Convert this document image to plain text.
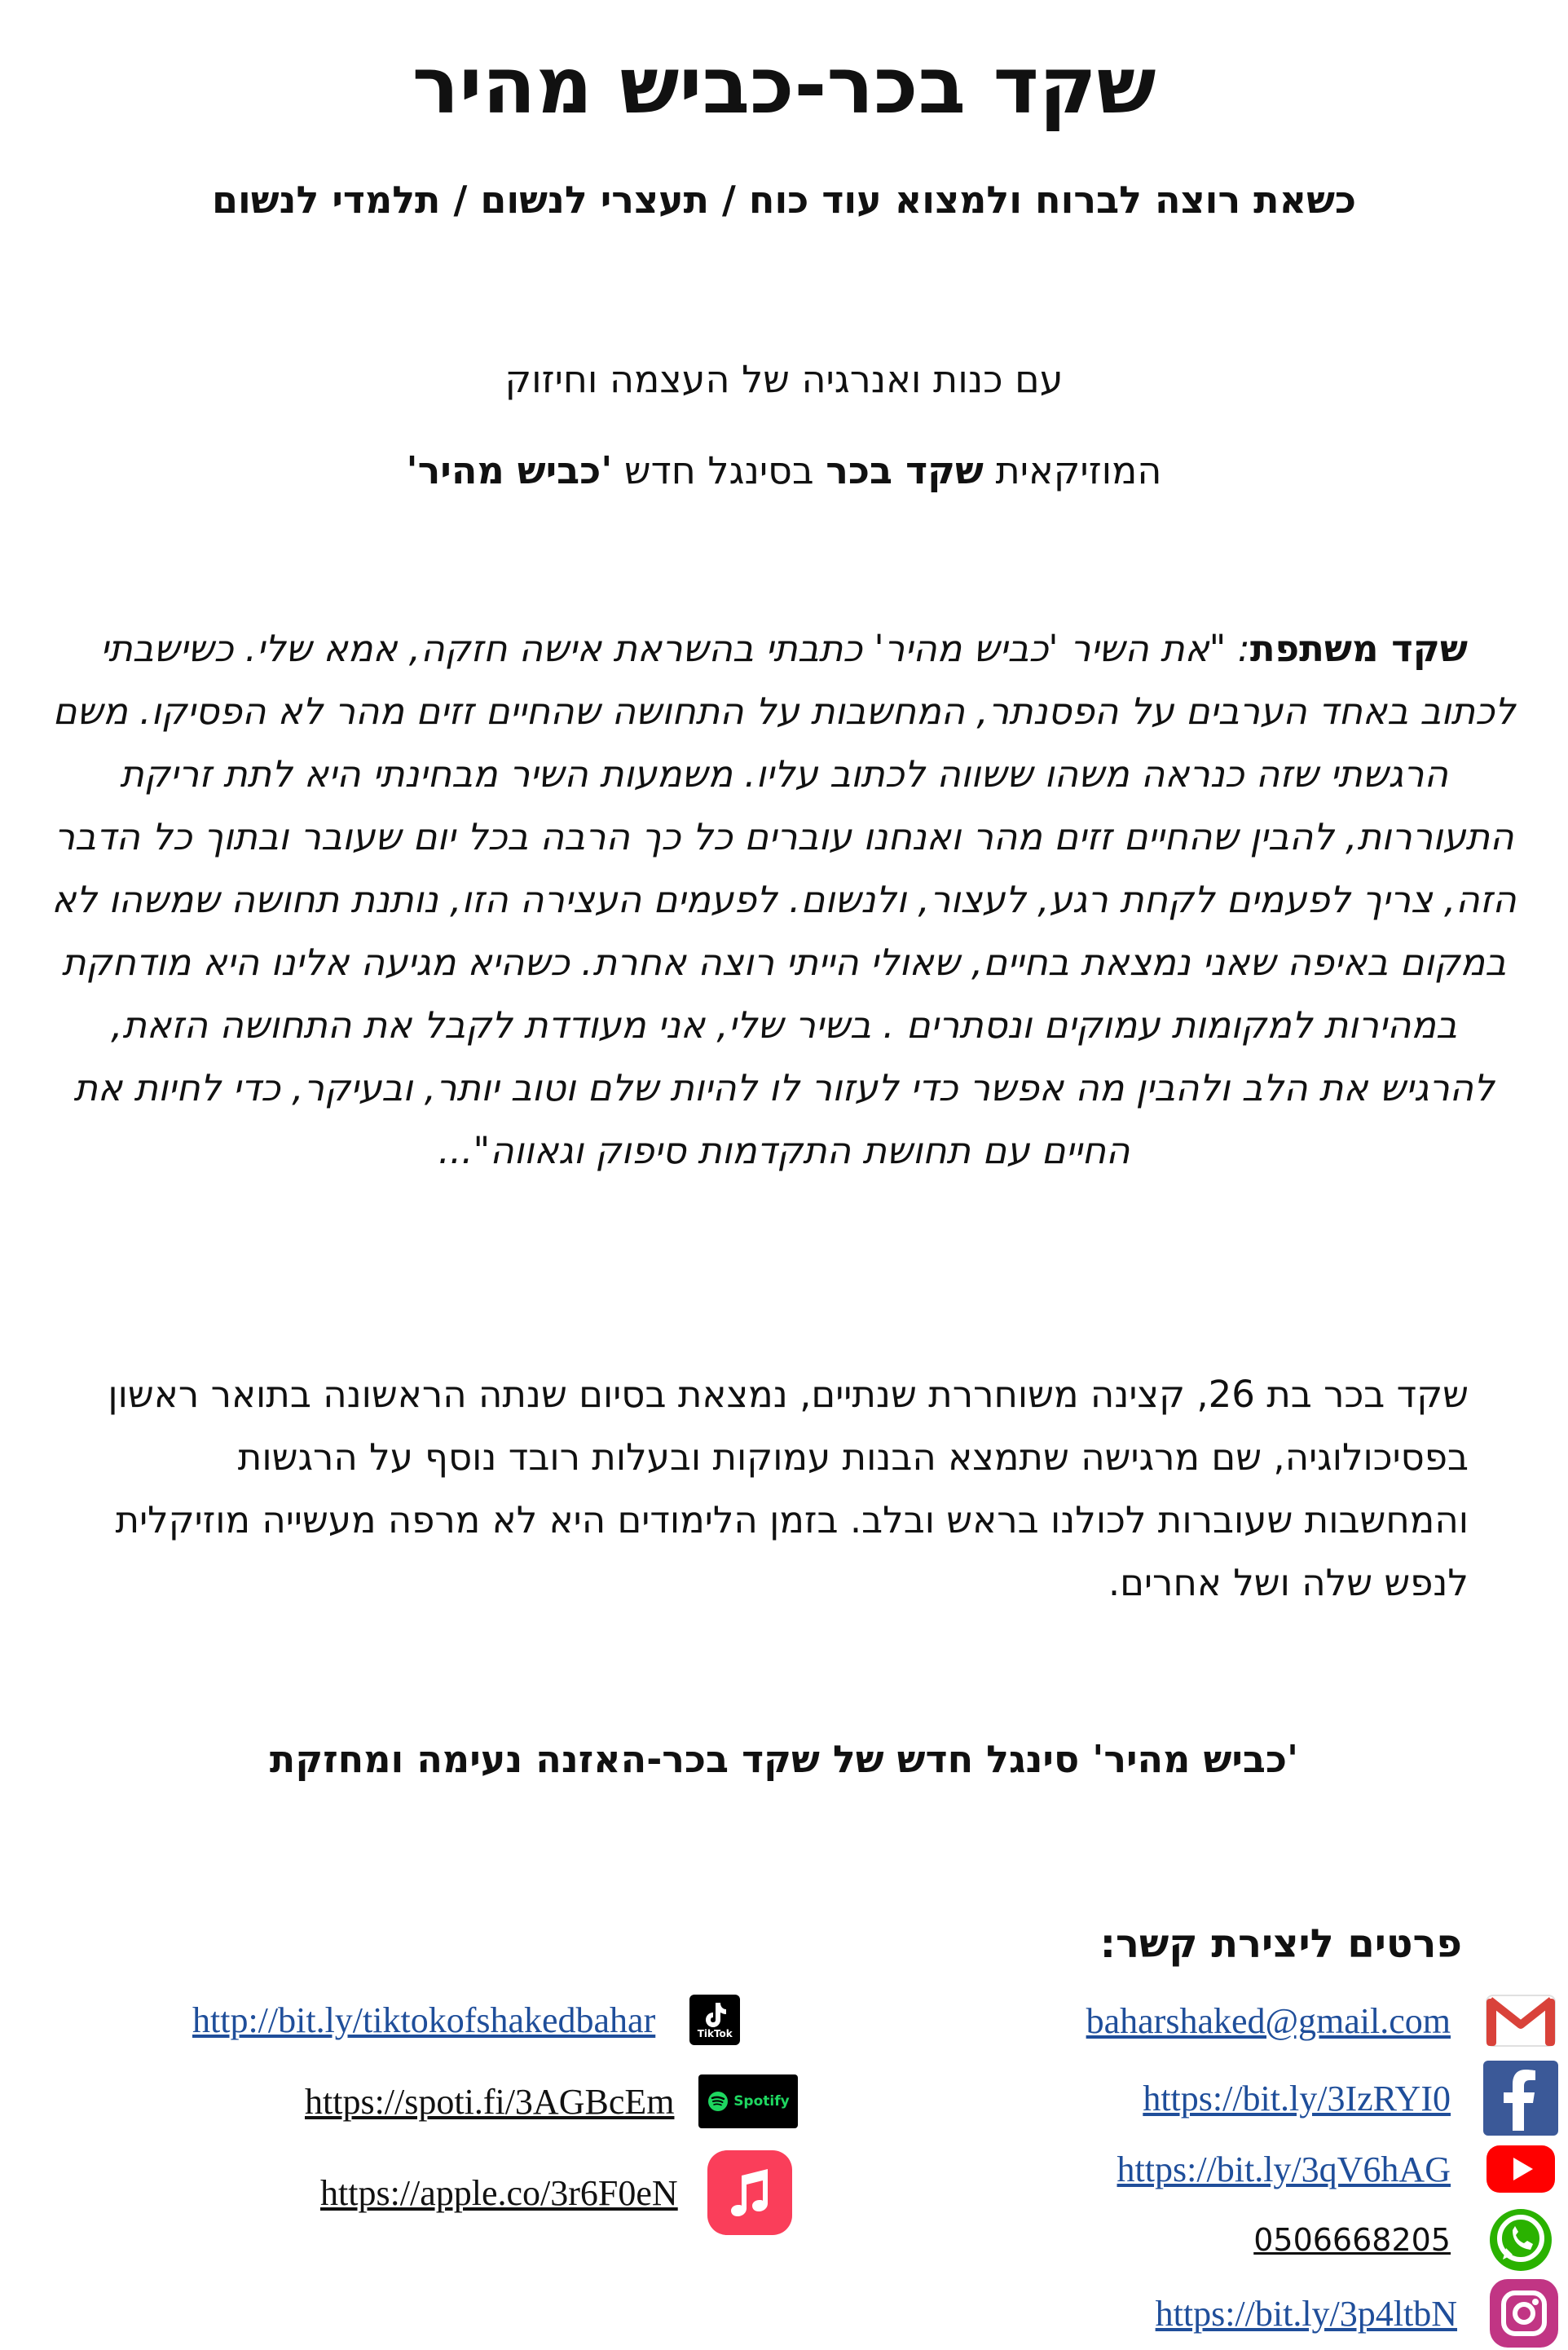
שקד בכר-כביש מהיר
כשאת רוצה לברוח ולמצוא עוד כוח / תעצרי לנשום / תלמדי לנשום

עם כנות ואנרגיה של העצמה וחיזוק

המוזיקאית שקד בכר בסינגל חדש 'כביש מהיר'

שקד משתפת: "את השיר 'כביש מהיר' כתבתי בהשראת אישה חזקה, אמא שלי. כשישבתי לכתוב באחד הערבים על הפסנתר, המחשבות על התחושה שהחיים זזים מהר לא הפסיקו. משם הרגשתי שזה כנראה משהו ששווה לכתוב עליו. משמעות השיר מבחינתי היא לתת זריקת התעוררות, להבין שהחיים זזים מהר ואנחנו עוברים כל כך הרבה בכל יום שעובר ובתוך כל הדבר הזה, צריך לפעמים לקחת רגע, לעצור, ולנשום. לפעמים העצירה הזו, נותנת תחושה שמשהו לא במקום באיפה שאני נמצאת בחיים, שאולי הייתי רוצה אחרת. כשהיא מגיעה אלינו היא מודחקת במהירות למקומות עמוקים ונסתרים . בשיר שלי, אני מעודדת לקבל את התחושה הזאת, להרגיש את הלב ולהבין מה אפשר כדי לעזור לו להיות שלם וטוב יותר, ובעיקר, כדי לחיות את החיים עם תחושת התקדמות סיפוק וגאווה"...

שקד בכר בת 26, קצינה משוחררת שנתיים, נמצאת בסיום שנתה הראשונה בתואר ראשון בפסיכולוגיה, שם מרגישה שתמצא הבנות עמוקות ובעלות רובד נוסף על הרגשות והמחשבות שעוברות לכולנו בראש ובלב. בזמן הלימודים היא לא מרפה מעשייה מוזיקלית לנפש שלה ושל אחרים.

'כביש מהיר' סינגל חדש של שקד בכר-האזנה נעימה ומחזקת

פרטים ליצירת קשר:

baharshaked@gmail.com
https://bit.ly/3IzRYI0
https://bit.ly/3qV6hAG
0506668205
https://bit.ly/3p4ltbN
http://bit.ly/tiktokofshakedbahar	TikTok
https://spoti.fi/3AGBcEm	Spotify
https://apple.co/3r6F0eN
